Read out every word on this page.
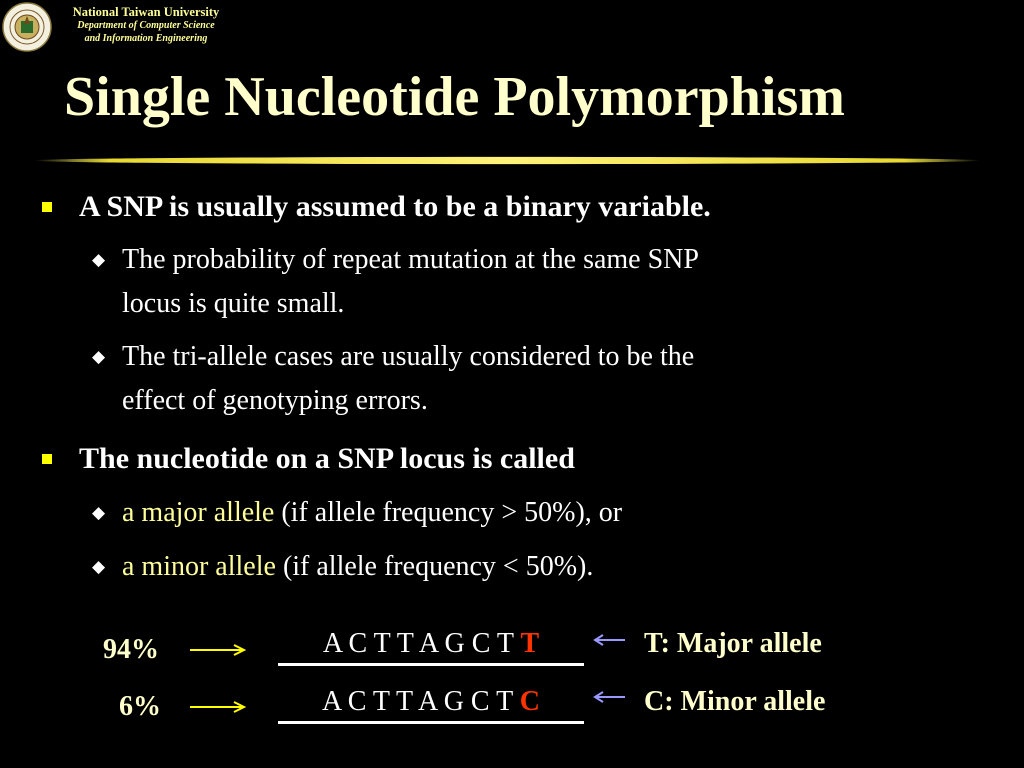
National Taiwan University
Department of Computer Science
and Information Engineering
Single Nucleotide Polymorphism
A SNP is usually assumed to be a binary variable.
◆ The probability of repeat mutation at the same SNP
locus is quite small.
◆ The tri-allele cases are usually considered to be the
effect of genotyping errors.
The nucleotide on a SNP locus is called
◆ a major allele (if allele frequency > 50%), or
◆ a minor allele (if allele frequency < 50%).
94%	A C T T A G C T T	T: Major allele
6%	A C T T A G C T C	C: Minor allele
